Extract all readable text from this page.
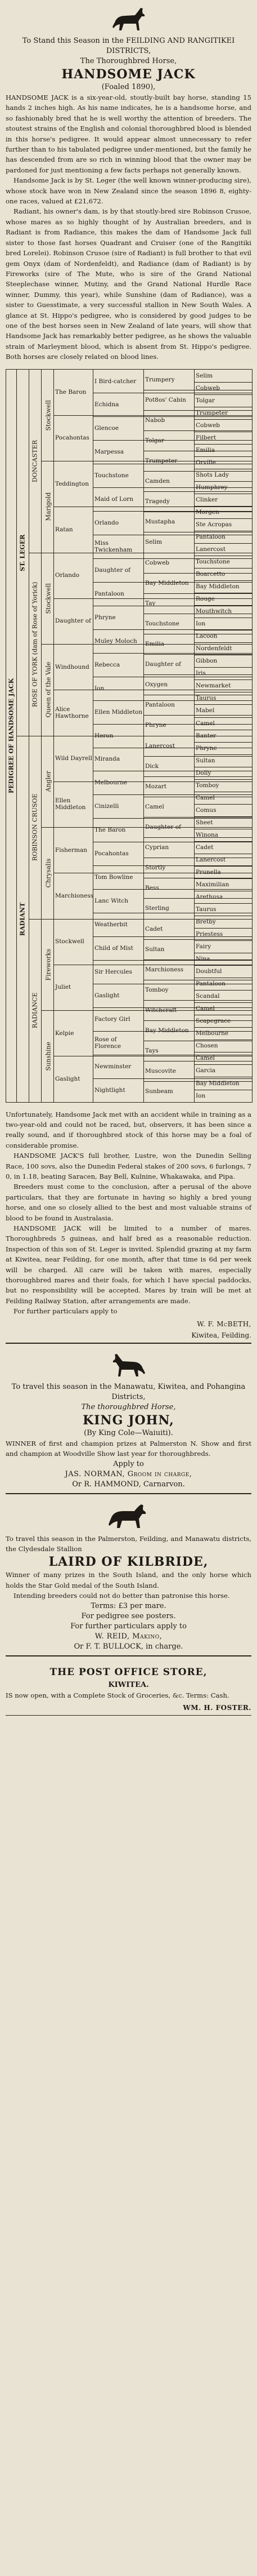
To Stand this Season in the FEILDING AND RANGITIKEI DISTRICTS,
The Thoroughbred Horse,
HANDSOME JACK
(Foaled 1890),

HANDSOME JACK is a six-year-old, stoutly-built bay horse, standing 15 hands 2 inches high. As his name indicates, he is a handsome horse, and so fashionably bred that he is well worthy the attention of breeders. The stoutest strains of the English and colonial thoroughbred blood is blended in this horse's pedigree. It would appear almost unnecessary to refer further than to his tabulated pedigree under-mentioned, but the family he has descended from are so rich in winning blood that the owner may be pardoned for just mentioning a few facts perhaps not generally known.

Handsome Jack is by St. Leger (the well known winner-producing sire), whose stock have won in New Zealand since the season 1896 8, eighty-one races, valued at £21,672.

Radiant, his owner's dam, is by that stoutly-bred sire Robinson Crusoe, whose mares as so highly thought of by Australian breeders, and is Radiant is from Radiance, this makes the dam of Handsome Jack full sister to those fast horses Quadrant and Cruiser (one of the Rangitiki bred Lorelei). Robinson Crusoe (sire of Radiant) is full brother to that evil gem Onyx (dam of Nordenfeldt), and Radiance (dam of Radiant) is by Fireworks (sire of The Mute, who is sire of the Grand National Steeplechase winner, Mutiny, and the Grand National Hurdle Race winner, Dummy, this year), while Sunshine (dam of Radiance), was a sister to Guesstimate, a very successful stallion in New South Wales. A glance at St. Hippo's pedigree, who is considered by good judges to be one of the best horses seen in New Zealand of late years, will show that Handsome Jack has remarkably better pedigree, as he shows the valuable strain of Marleyment blood, which is absent from St. Hippo's pedigree. Both horses are closely related on blood lines.

PEDIGREE OF HANDSOME JACK
ST. LEGER
RADIANT
DONCASTER
ROSE OF YORK (dam of Rose of Yorick)
ROBINSON CRUSOE
RADIANCE
Stockwell
Marigold
Stockwell
Queen of the Vale
Angler
Chrysalis
Fireworks
Sunshine
The Baron
Pocahontas
Teddington
Ratan
Orlando
Daughter of
Windhound
Alice Hawthorne
Wild Dayrell
Ellen Middleton
Fisherman
Marchioness
Stockwell
Juliet
Kelpie
Gaslight
I Bird-catcher
Echidna
Glencoe
Marpessa
Touchstone
Maid of Lorn
Orlando
Miss Twickenham
Daughter of
Pantaloon
Phryne
Muley Moloch
Rebecca
Ion
Ellen Middleton
Heron
Miranda
Melbourne
Cinizelli
The Baron
Pocahontas
Tom Bowline
Lanc Witch
Weatherbit
Child of Mist
Sir Hercules
Gaslight
Factory Girl
Rose of Florence
Newminster
Nightlight
Trumpery
Pot8os' Cabin
Nabob
Tolgar
Trumpeter
Camden
Tragedy
Mustapha
Selim
Cobweb
Bay Middleton
Tay
Touchstone
Emilia
Daughter of
Oxygen
Pantaloon
Phryne
Lanercost
Dick
Mozart
Camel
Daughter of
Cyprian
Stortly
Bess
Sterling
Cadet
Sultan
Marchioness
Tomboy
Witchcraft
Bay Middleton
Tays
Muscovite
Sunbeam
Selim
Cobweb
Tolgar
Trumpeter
Cobweb
Filbert
Emilia
Orville
Shots Lady
Humphrey
Clinker
Morgen
Ste Acropas
Pantaloon
Lanercost
Touchstone
Boarcetto
Bay Middleton
Rouge
Mouthwitch
Ion
Lacoon
Nordenfeldt
Gibbon
Iris
Newmarket
Taurus
Mabel
Camel
Banter
Phryne
Sultan
Dolly
Tomboy
Camel
Comus
Sheet
Winona
Cadet
Lanercost
Prunella
Maximilian
Arethusa
Taurus
Bretby
Priestess
Fairy
Nina
Doubtful
Pantaloon
Scandal
Camel
Scapegrace
Melbourne
Chosen
Camel
Garcia
Bay Middleton
Ion

Unfortunately, Handsome Jack met with an accident while in training as a two-year-old and could not be raced, but, observers, it has been since a really sound, and if thoroughbred stock of this horse may be a foal of considerable promise.

HANDSOME JACK'S full brother, Lustre, won the Dunedin Selling Race, 100 sovs, also the Dunedin Federal stakes of 200 sovs, 6 furlongs, 7 0, in 1.18, beating Saracen, Bay Bell, Kulnine, Whakawaka, and Pipa.

Breeders must come to the conclusion, after a perusal of the above particulars, that they are fortunate in having so highly a bred young horse, and one so closely allied to the best and most valuable strains of blood to be found in Australasia.

HANDSOME JACK will be limited to a number of mares. Thoroughbreds 5 guineas, and half bred as a reasonable reduction. Inspection of this son of St. Leger is invited. Splendid grazing at my farm at Kiwitea, near Feilding, for one month, after that time is 6d per week will be charged. All care will be taken with mares, especially thoroughbred mares and their foals, for which I have special paddocks, but no responsibility will be accepted. Mares by train will be met at Feilding Railway Station, after arrangements are made.

For further particulars apply to

W. F. McBETH,
Kiwitea, Feilding.
To travel this season in the Manawatu, Kiwitea, and Pohangina Districts,
The thoroughbred Horse,
KING JOHN,
(By King Cole—Waiuiti).

WINNER of first and champion prizes at Palmerston N. Show and first and champion at Woodville Show last year for thoroughbreds.

Apply to
JAS. NORMAN, Groom in charge,
Or R. HAMMOND, Carnarvon.

To travel this season in the Palmerston, Feilding, and Manawatu districts, the Clydesdale Stallion

LAIRD OF KILBRIDE,

Winner of many prizes in the South Island, and the only horse which holds the Star Gold medal of the South Island.

Intending breeders could not do better than patronise this horse.

Terms: £3 per mare.
For pedigree see posters.
For further particulars apply to
W. REID, Makino,
Or F. T. BULLOCK, in charge.
THE POST OFFICE STORE,
KIWITEA.

IS now open, with a Complete Stock of Groceries, &c. Terms: Cash.

WM. H. FOSTER.
